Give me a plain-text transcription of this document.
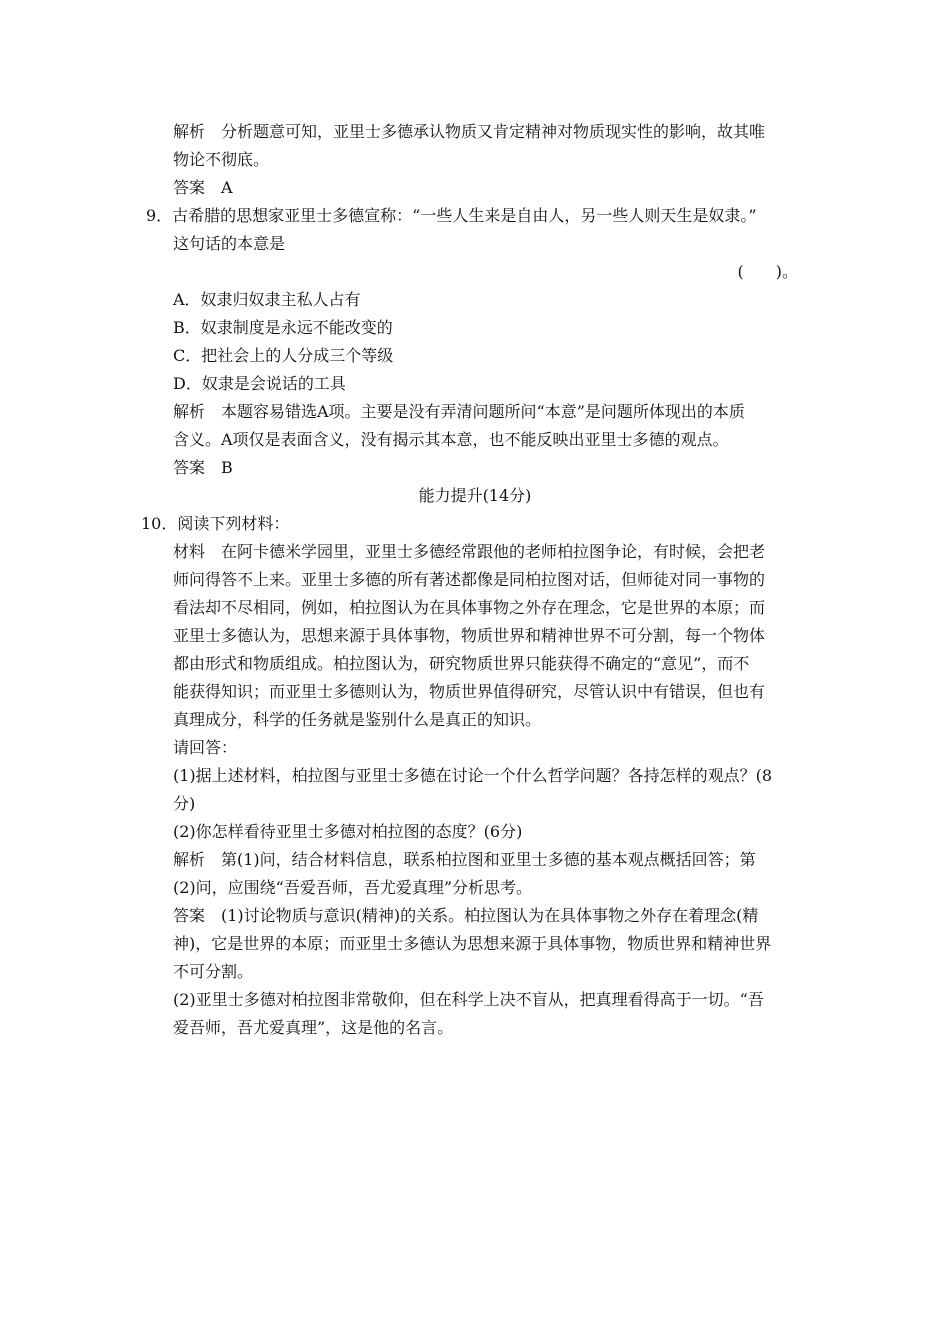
解析　分析题意可知，亚里士多德承认物质又肯定精神对物质现实性的影响，故其唯
物论不彻底。
答案　A
9．古希腊的思想家亚里士多德宣称：“一些人生来是自由人，另一些人则天生是奴隶。”
这句话的本意是
(　　)。
A．奴隶归奴隶主私人占有
B．奴隶制度是永远不能改变的
C．把社会上的人分成三个等级
D．奴隶是会说话的工具
解析　本题容易错选A项。主要是没有弄清问题所问“本意”是问题所体现出的本质
含义。A项仅是表面含义，没有揭示其本意，也不能反映出亚里士多德的观点。
答案　B
能力提升(14分)
10．阅读下列材料：
材料　在阿卡德米学园里，亚里士多德经常跟他的老师柏拉图争论，有时候，会把老
师问得答不上来。亚里士多德的所有著述都像是同柏拉图对话，但师徒对同一事物的
看法却不尽相同，例如，柏拉图认为在具体事物之外存在理念，它是世界的本原；而
亚里士多德认为，思想来源于具体事物，物质世界和精神世界不可分割，每一个物体
都由形式和物质组成。柏拉图认为，研究物质世界只能获得不确定的“意见”，而不
能获得知识；而亚里士多德则认为，物质世界值得研究，尽管认识中有错误，但也有
真理成分，科学的任务就是鉴别什么是真正的知识。
请回答：
(1)据上述材料，柏拉图与亚里士多德在讨论一个什么哲学问题？各持怎样的观点？(8
分)
(2)你怎样看待亚里士多德对柏拉图的态度？(6分)
解析　第(1)问，结合材料信息，联系柏拉图和亚里士多德的基本观点概括回答；第
(2)问，应围绕“吾爱吾师，吾尤爱真理”分析思考。
答案　(1)讨论物质与意识(精神)的关系。柏拉图认为在具体事物之外存在着理念(精
神)，它是世界的本原；而亚里士多德认为思想来源于具体事物，物质世界和精神世界
不可分割。
(2)亚里士多德对柏拉图非常敬仰，但在科学上决不盲从，把真理看得高于一切。“吾
爱吾师，吾尤爱真理”，这是他的名言。
